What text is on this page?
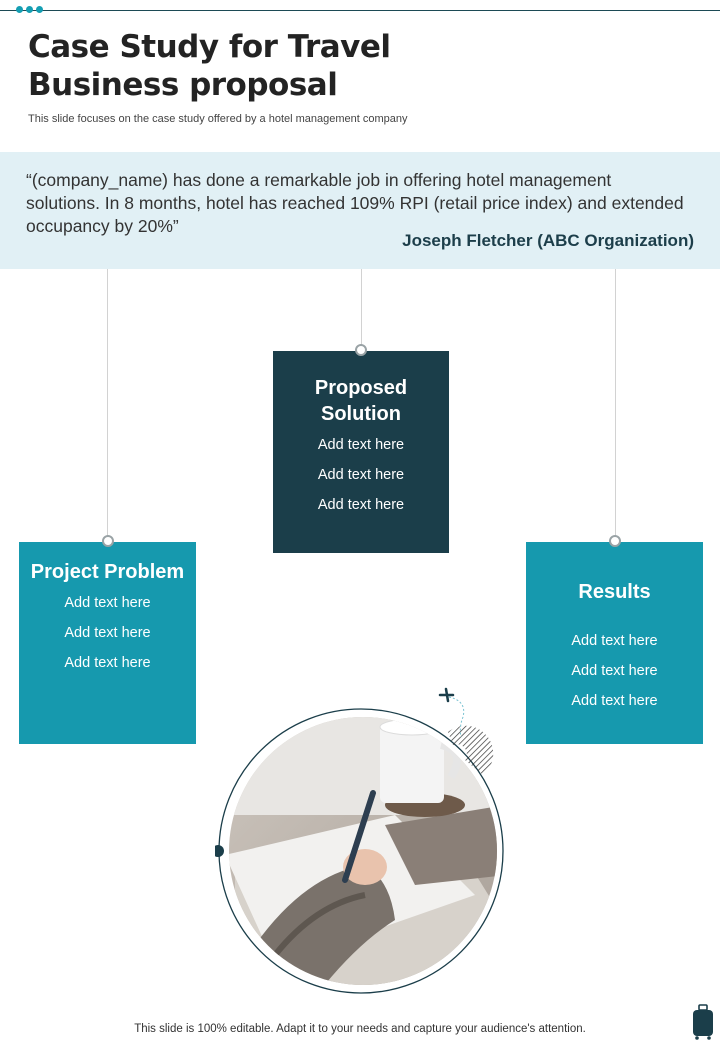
Case Study for Travel Business proposal

This slide focuses on the case study offered by a hotel management company

“(company_name) has done a remarkable job in offering hotel management solutions. In 8 months, hotel has reached 109% RPI (retail price index) and extended occupancy by 20%”

Joseph Fletcher (ABC Organization)

Proposed Solution
Add text here
Add text here
Add text here
Project Problem
Add text here
Add text here
Add text here
Results
Add text here
Add text here
Add text here

This slide is 100% editable. Adapt it to your needs and capture your audience's attention.
